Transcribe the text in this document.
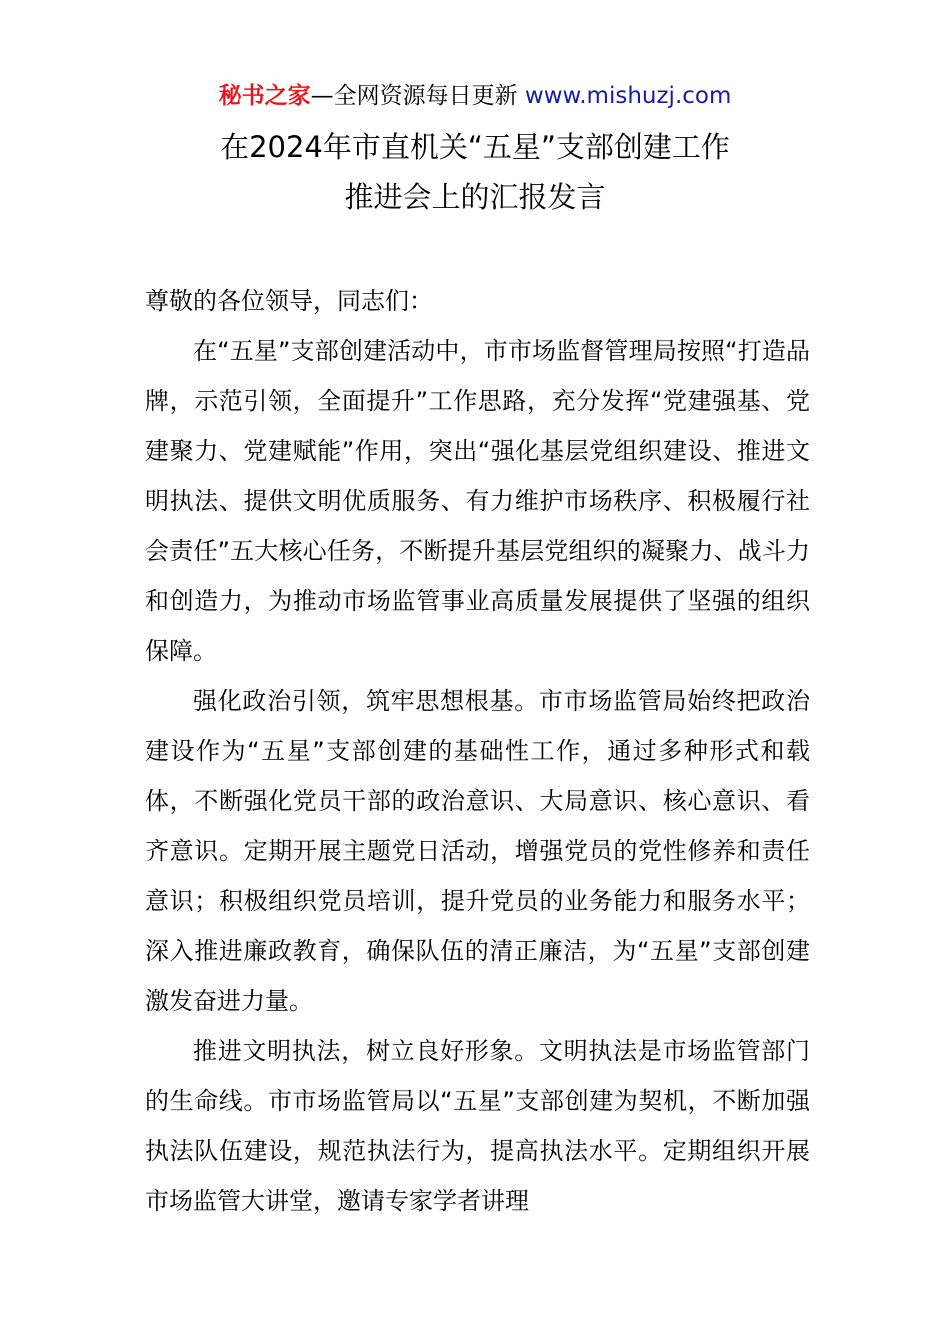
秘书之家—全网资源每日更新 www.mishuzj.com
在2024年市直机关“五星”支部创建工作
推进会上的汇报发言

尊敬的各位领导，同志们：

在“五星”支部创建活动中，市市场监督管理局按照“打造品牌，示范引领，全面提升”工作思路，充分发挥“党建强基、党建聚力、党建赋能”作用，突出“强化基层党组织建设、推进文明执法、提供文明优质服务、有力维护市场秩序、积极履行社会责任”五大核心任务，不断提升基层党组织的凝聚力、战斗力和创造力，为推动市场监管事业高质量发展提供了坚强的组织保障。

强化政治引领，筑牢思想根基。市市场监管局始终把政治建设作为“五星”支部创建的基础性工作，通过多种形式和载体，不断强化党员干部的政治意识、大局意识、核心意识、看齐意识。定期开展主题党日活动，增强党员的党性修养和责任意识；积极组织党员培训，提升党员的业务能力和服务水平；深入推进廉政教育，确保队伍的清正廉洁，为“五星”支部创建激发奋进力量。

推进文明执法，树立良好形象。文明执法是市场监管部门的生命线。市市场监管局以“五星”支部创建为契机，不断加强执法队伍建设，规范执法行为，提高执法水平。定期组织开展市场监管大讲堂，邀请专家学者讲理
